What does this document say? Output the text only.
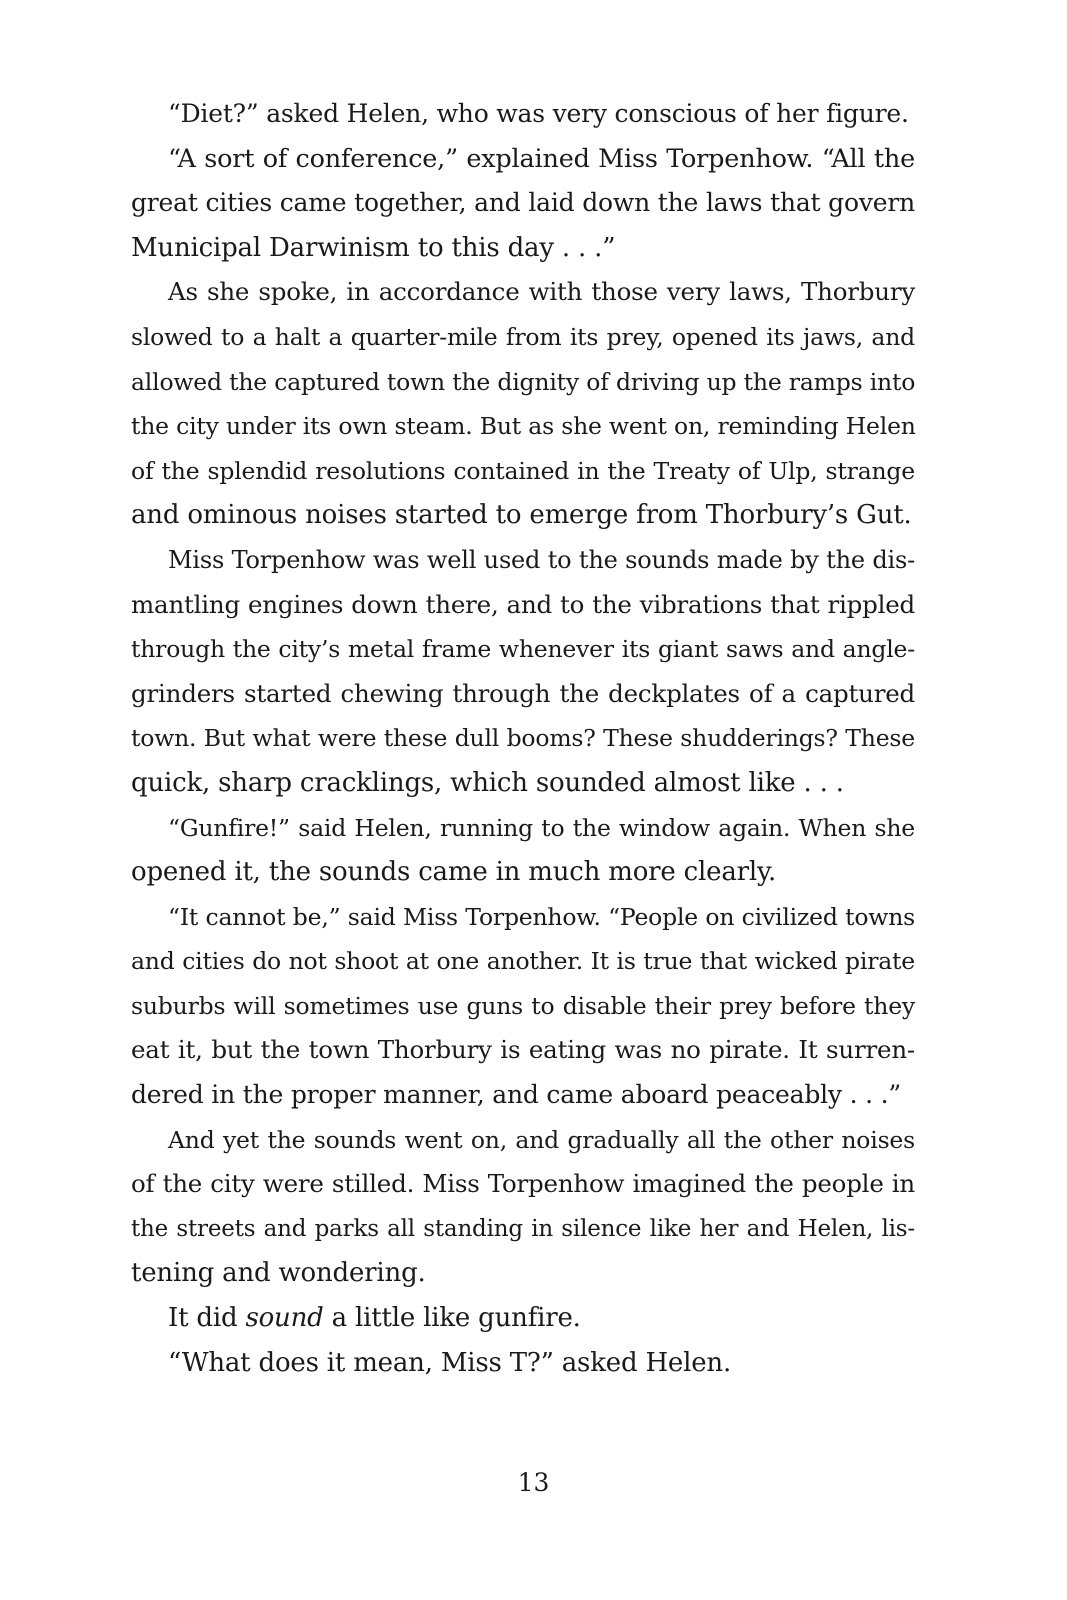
“Diet?” asked Helen, who was very conscious of her figure.
“A sort of conference,” explained Miss Torpenhow. “All the
great cities came together, and laid down the laws that govern
Municipal Darwinism to this day . . .”
As she spoke, in accordance with those very laws, Thorbury
slowed to a halt a quarter-mile from its prey, opened its jaws, and
allowed the captured town the dignity of driving up the ramps into
the city under its own steam. But as she went on, reminding Helen
of the splendid resolutions contained in the Treaty of Ulp, strange
and ominous noises started to emerge from Thorbury’s Gut.
Miss Torpenhow was well used to the sounds made by the dis-
mantling engines down there, and to the vibrations that rippled
through the city’s metal frame whenever its giant saws and angle-
grinders started chewing through the deckplates of a captured
town. But what were these dull booms? These shudderings? These
quick, sharp cracklings, which sounded almost like . . .
“Gunfire!” said Helen, running to the window again. When she
opened it, the sounds came in much more clearly.
“It cannot be,” said Miss Torpenhow. “People on civilized towns
and cities do not shoot at one another. It is true that wicked pirate
suburbs will sometimes use guns to disable their prey before they
eat it, but the town Thorbury is eating was no pirate. It surren-
dered in the proper manner, and came aboard peaceably . . .”
And yet the sounds went on, and gradually all the other noises
of the city were stilled. Miss Torpenhow imagined the people in
the streets and parks all standing in silence like her and Helen, lis-
tening and wondering.
It did sound a little like gunfire.
“What does it mean, Miss T?” asked Helen.
13
